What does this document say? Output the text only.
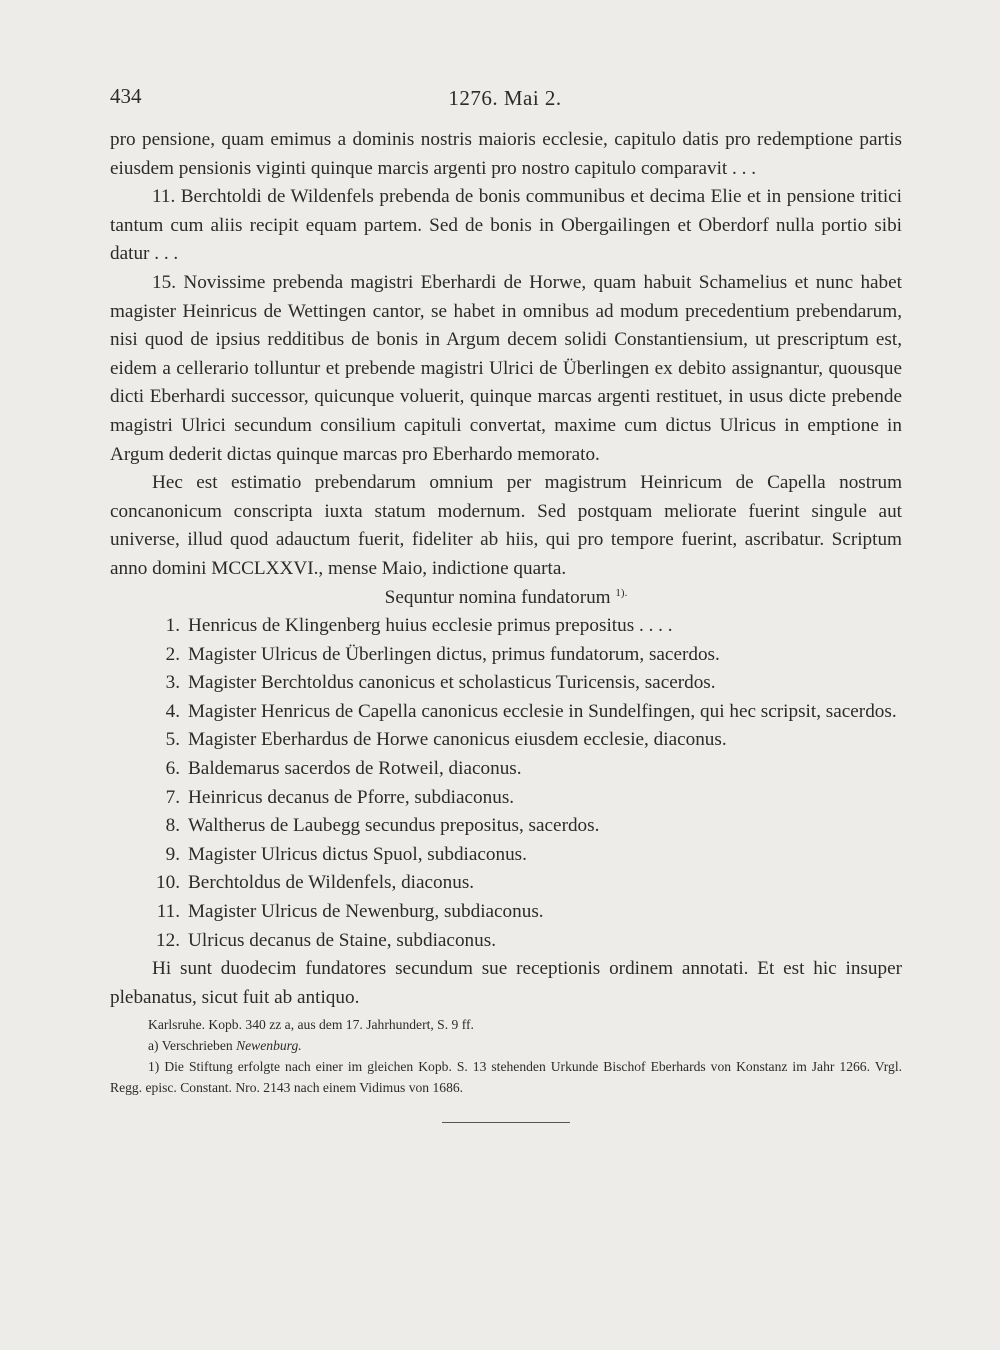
434	1276. Mai 2.

pro pensione, quam emimus a dominis nostris maioris ecclesie, capitulo datis pro redemptione partis eiusdem pensionis viginti quinque marcis argenti pro nostro capitulo comparavit . . .

11. Berchtoldi de Wildenfels prebenda de bonis communibus et decima Elie et in pensione tritici tantum cum aliis recipit equam partem. Sed de bonis in Obergailingen et Oberdorf nulla portio sibi datur . . .

15. Novissime prebenda magistri Eberhardi de Horwe, quam habuit Schamelius et nunc habet magister Heinricus de Wettingen cantor, se habet in omnibus ad modum precedentium prebendarum, nisi quod de ipsius redditibus de bonis in Argum decem solidi Constantiensium, ut prescriptum est, eidem a cellerario tolluntur et prebende magistri Ulrici de Überlingen ex debito assignantur, quousque dicti Eberhardi successor, quicunque voluerit, quinque marcas argenti restituet, in usus dicte prebende magistri Ulrici secundum consilium capituli convertat, maxime cum dictus Ulricus in emptione in Argum dederit dictas quinque marcas pro Eberhardo memorato.

Hec est estimatio prebendarum omnium per magistrum Heinricum de Capella nostrum concanonicum conscripta iuxta statum modernum. Sed postquam meliorate fuerint singule aut universe, illud quod adauctum fuerit, fideliter ab hiis, qui pro tempore fuerint, ascribatur. Scriptum anno domini MCCLXXVI., mense Maio, indictione quarta.

Sequntur nomina fundatorum $^{1).}$

1. Henricus de Klingenberg huius ecclesie primus prepositus . . . .
2. Magister Ulricus de Überlingen dictus, primus fundatorum, sacerdos.
3. Magister Berchtoldus canonicus et scholasticus Turicensis, sacerdos.
4. Magister Henricus de Capella canonicus ecclesie in Sundelfingen, qui hec scripsit, sacerdos.
5. Magister Eberhardus de Horwe canonicus eiusdem ecclesie, diaconus.
6. Baldemarus sacerdos de Rotweil, diaconus.
7. Heinricus decanus de Pforre, subdiaconus.
8. Waltherus de Laubegg secundus prepositus, sacerdos.
9. Magister Ulricus dictus Spuol, subdiaconus.
10. Berchtoldus de Wildenfels, diaconus.
11. Magister Ulricus de Newenburg, subdiaconus.
12. Ulricus decanus de Staine, subdiaconus.

Hi sunt duodecim fundatores secundum sue receptionis ordinem annotati. Et est hic insuper plebanatus, sicut fuit ab antiquo.

Karlsruhe. Kopb. 340 zz a, aus dem 17. Jahrhundert, S. 9 ff.

a) Verschrieben Newenburg.

1) Die Stiftung erfolgte nach einer im gleichen Kopb. S. 13 stehenden Urkunde Bischof Eberhards von Konstanz im Jahr 1266. Vrgl. Regg. episc. Constant. Nro. 2143 nach einem Vidimus von 1686.
